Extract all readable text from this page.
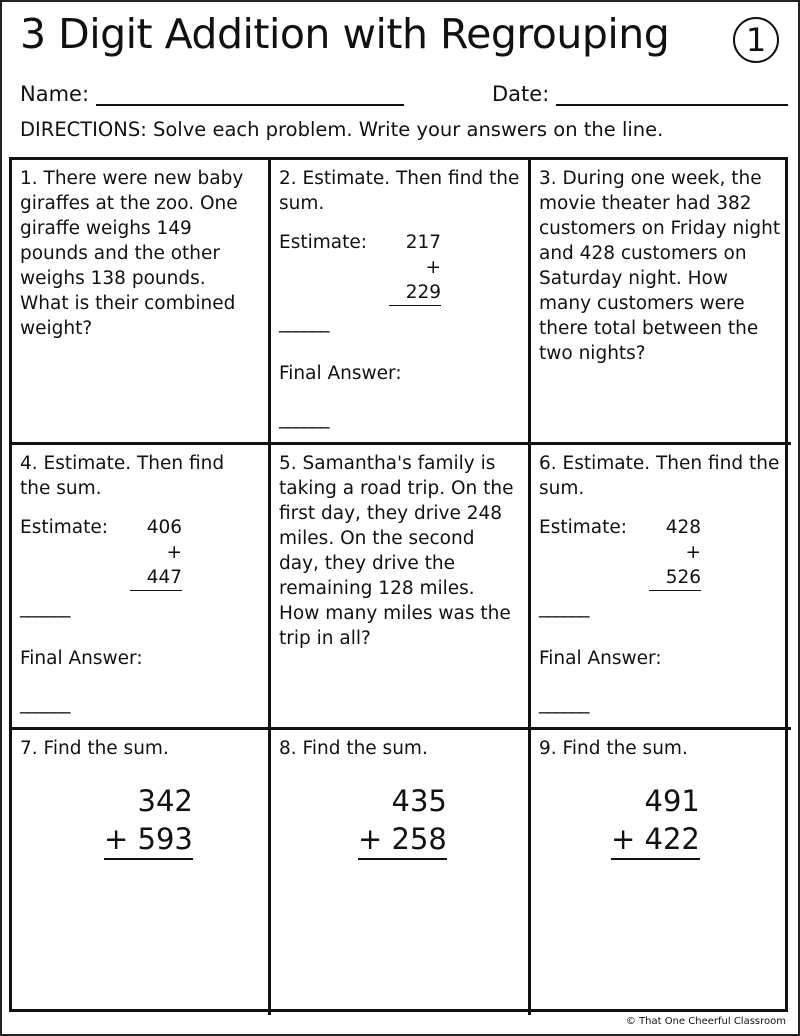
3 Digit Addition with Regrouping	1
Name:	Date:
DIRECTIONS: Solve each problem. Write your answers on the line.
1. There were new baby giraffes at the zoo. One giraffe weighs 149 pounds and the other weighs 138 pounds. What is their combined weight?
2. Estimate. Then find the sum.
Estimate:	217
+ 229
______
Final Answer:
______
3. During one week, the movie theater had 382 customers on Friday night and 428 customers on Saturday night. How many customers were there total between the two nights?
4. Estimate. Then find the sum.
Estimate:	406
+ 447
______
Final Answer:
______
5. Samantha's family is taking a road trip. On the first day, they drive 248 miles. On the second day, they drive the remaining 128 miles. How many miles was the trip in all?
6. Estimate. Then find the sum.
Estimate:	428
+ 526
______
Final Answer:
______
7. Find the sum.
342
+ 593
8. Find the sum.
435
+ 258
9. Find the sum.
491
+ 422
© That One Cheerful Classroom
